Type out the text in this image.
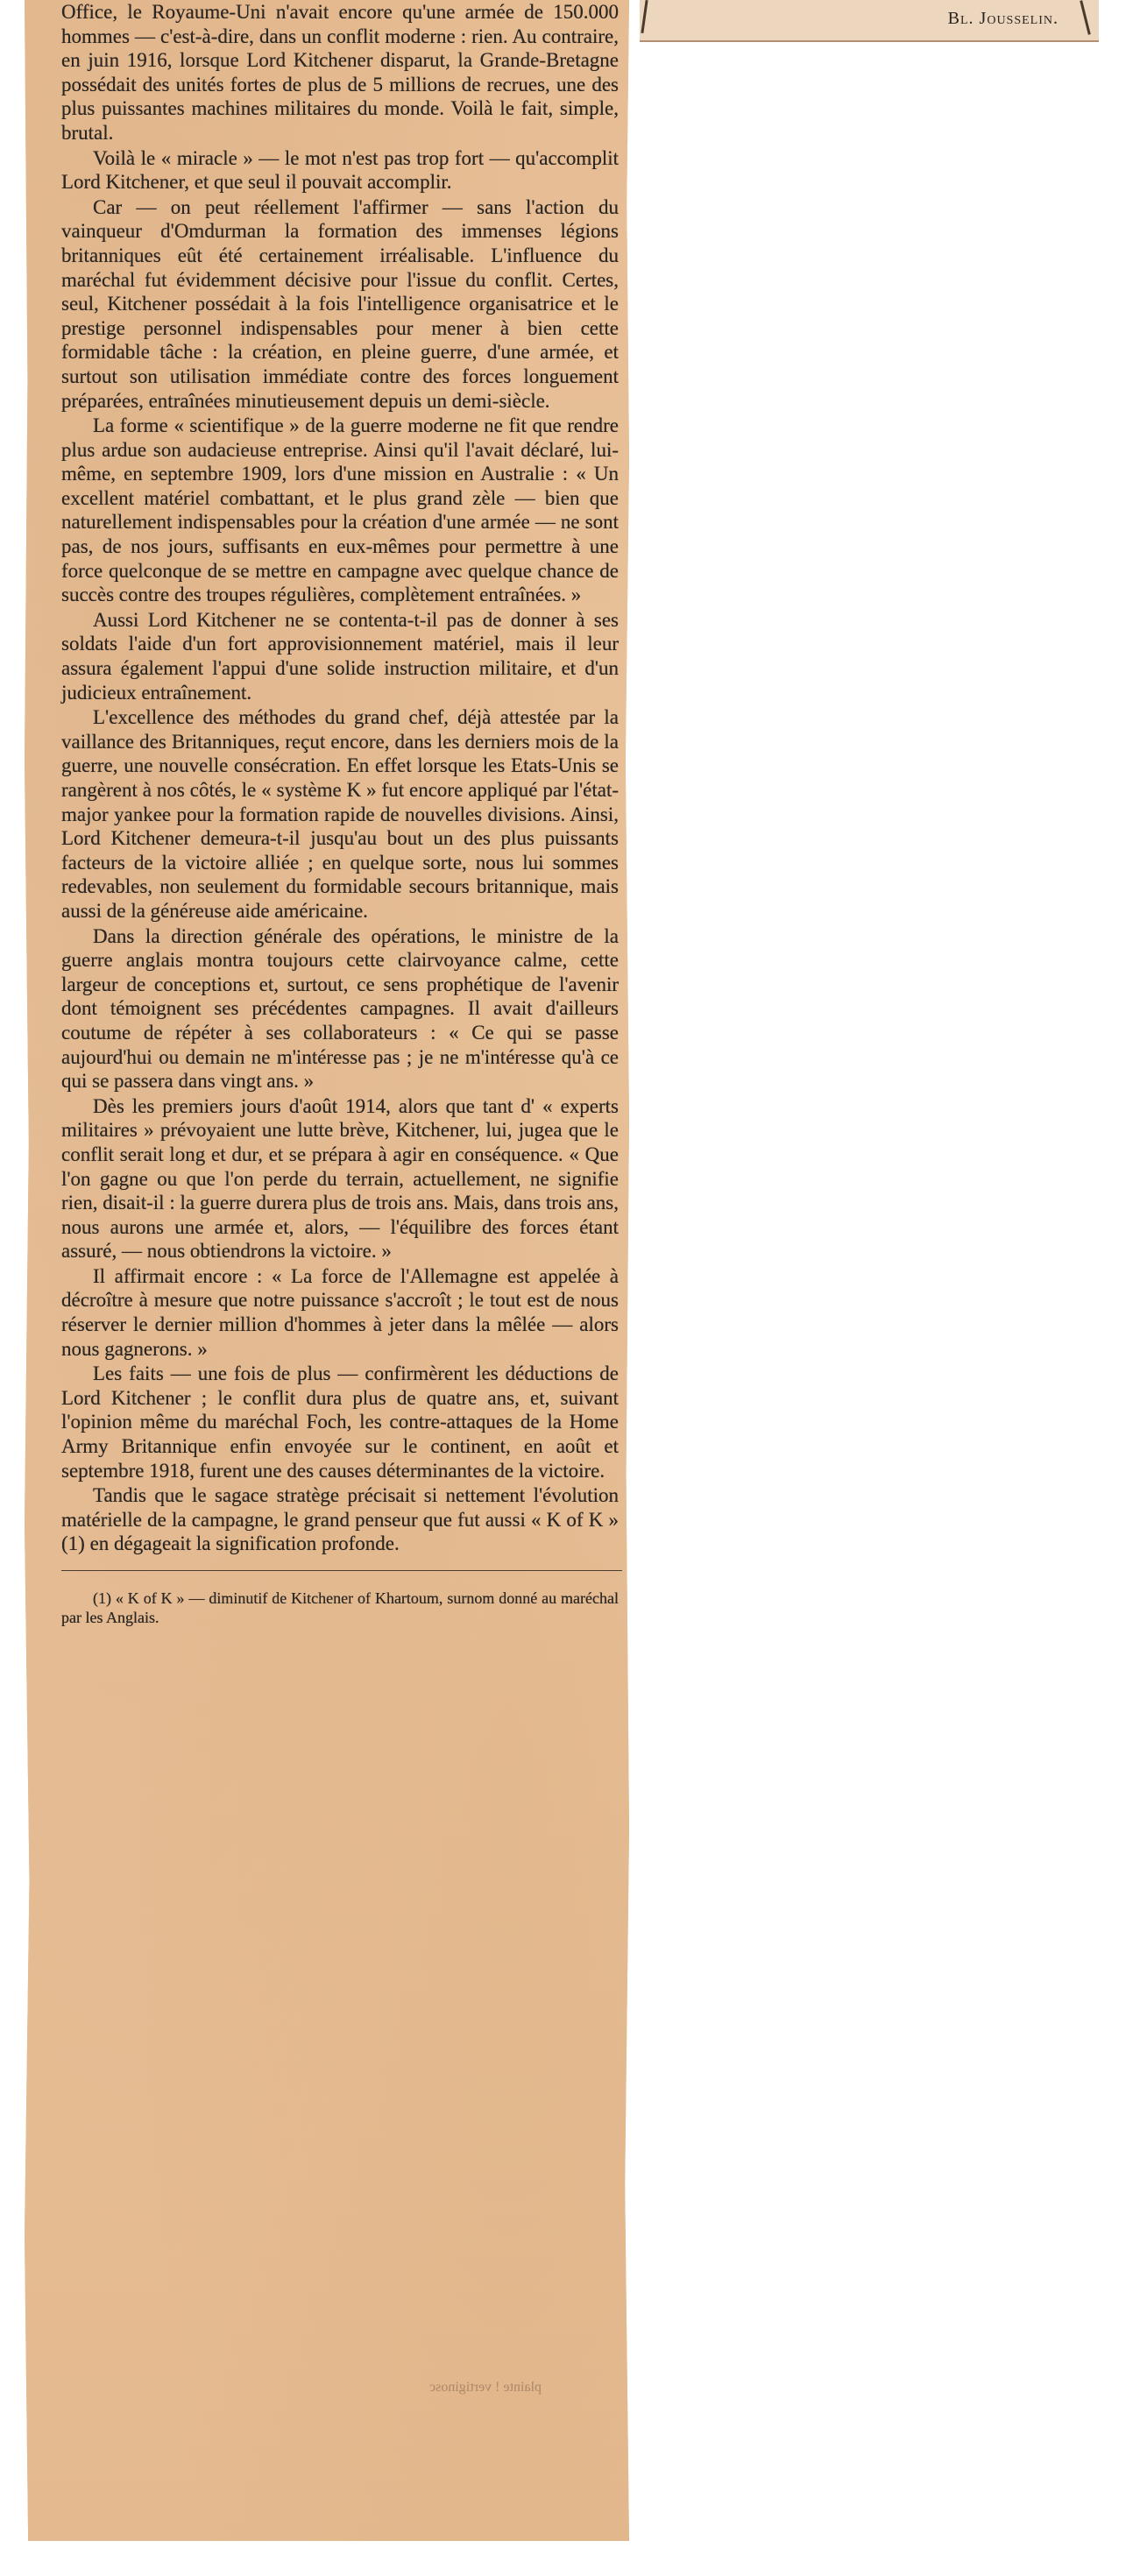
Bl. Jousselin.

Office, le Royaume-Uni n'avait encore qu'une armée de 150.000 hommes — c'est-à-dire, dans un conflit moderne : rien. Au contraire, en juin 1916, lorsque Lord Kitchener disparut, la Grande-Bretagne possédait des unités fortes de plus de 5 millions de recrues, une des plus puissantes machines militaires du monde. Voilà le fait, simple, brutal.

Voilà le « miracle » — le mot n'est pas trop fort — qu'accomplit Lord Kitchener, et que seul il pouvait accomplir.

Car — on peut réellement l'affirmer — sans l'action du vainqueur d'Omdurman la formation des immenses légions britanniques eût été certainement irréalisable. L'influence du maréchal fut évidemment décisive pour l'issue du conflit. Certes, seul, Kitchener possédait à la fois l'intelligence organisatrice et le prestige personnel indispensables pour mener à bien cette formidable tâche : la création, en pleine guerre, d'une armée, et surtout son utilisation immédiate contre des forces longuement préparées, entraînées minutieusement depuis un demi-siècle.

La forme « scientifique » de la guerre moderne ne fit que rendre plus ardue son audacieuse entreprise. Ainsi qu'il l'avait déclaré, lui-même, en septembre 1909, lors d'une mission en Australie : « Un excellent matériel combattant, et le plus grand zèle — bien que naturellement indispensables pour la création d'une armée — ne sont pas, de nos jours, suffisants en eux-mêmes pour permettre à une force quelconque de se mettre en campagne avec quelque chance de succès contre des troupes régulières, complètement entraînées. »

Aussi Lord Kitchener ne se contenta-t-il pas de donner à ses soldats l'aide d'un fort approvisionnement matériel, mais il leur assura également l'appui d'une solide instruction militaire, et d'un judicieux entraînement.

L'excellence des méthodes du grand chef, déjà attestée par la vaillance des Britanniques, reçut encore, dans les derniers mois de la guerre, une nouvelle consécration. En effet lorsque les Etats-Unis se rangèrent à nos côtés, le « système K » fut encore appliqué par l'état-major yankee pour la formation rapide de nouvelles divisions. Ainsi, Lord Kitchener demeura-t-il jusqu'au bout un des plus puissants facteurs de la victoire alliée ; en quelque sorte, nous lui sommes redevables, non seulement du formidable secours britannique, mais aussi de la généreuse aide américaine.

Dans la direction générale des opérations, le ministre de la guerre anglais montra toujours cette clairvoyance calme, cette largeur de conceptions et, surtout, ce sens prophétique de l'avenir dont témoignent ses précédentes campagnes. Il avait d'ailleurs coutume de répéter à ses collaborateurs : « Ce qui se passe aujourd'hui ou demain ne m'intéresse pas ; je ne m'intéresse qu'à ce qui se passera dans vingt ans. »

Dès les premiers jours d'août 1914, alors que tant d' « experts militaires » prévoyaient une lutte brève, Kitchener, lui, jugea que le conflit serait long et dur, et se prépara à agir en conséquence. « Que l'on gagne ou que l'on perde du terrain, actuellement, ne signifie rien, disait-il : la guerre durera plus de trois ans. Mais, dans trois ans, nous aurons une armée et, alors, — l'équilibre des forces étant assuré, — nous obtiendrons la victoire. »

Il affirmait encore : « La force de l'Allemagne est appelée à décroître à mesure que notre puissance s'accroît ; le tout est de nous réserver le dernier million d'hommes à jeter dans la mêlée — alors nous gagnerons. »

Les faits — une fois de plus — confirmèrent les déductions de Lord Kitchener ; le conflit dura plus de quatre ans, et, suivant l'opinion même du maréchal Foch, les contre-attaques de la Home Army Britannique enfin envoyée sur le continent, en août et septembre 1918, furent une des causes déterminantes de la victoire.

Tandis que le sagace stratège précisait si nettement l'évolution matérielle de la campagne, le grand penseur que fut aussi « K of K » (1) en dégageait la signification profonde.

(1) « K of K » — diminutif de Kitchener of Khartoum, surnom donné au maréchal par les Anglais.

plainte ! vertiginosc
